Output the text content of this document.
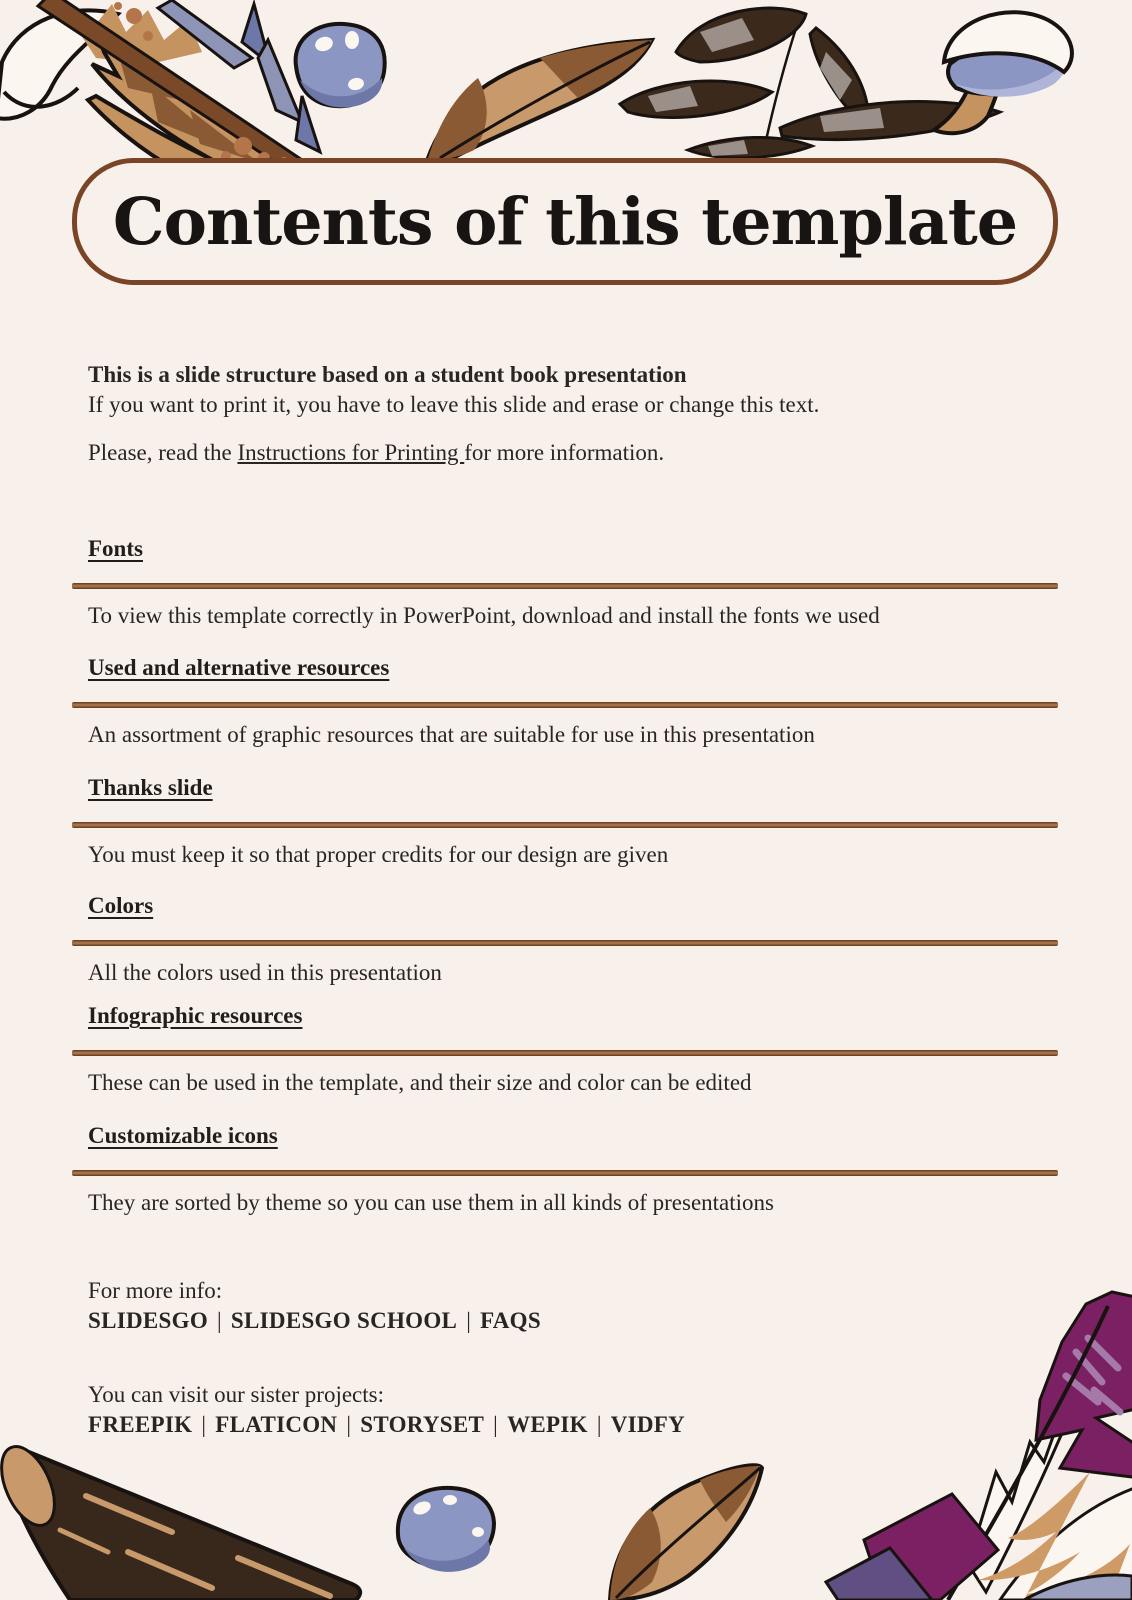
Contents of this template

This is a slide structure based on a student book presentation

If you want to print it, you have to leave this slide and erase or change this text.

Please, read the Instructions for Printing for more information.

Fonts

To view this template correctly in PowerPoint, download and install the fonts we used

Used and alternative resources

An assortment of graphic resources that are suitable for use in this presentation

Thanks slide

You must keep it so that proper credits for our design are given

Colors

All the colors used in this presentation

Infographic resources

These can be used in the template, and their size and color can be edited

Customizable icons

They are sorted by theme so you can use them in all kinds of presentations

For more info:
SLIDESGO | SLIDESGO SCHOOL | FAQS
You can visit our sister projects:
FREEPIK | FLATICON | STORYSET | WEPIK | VIDFY
